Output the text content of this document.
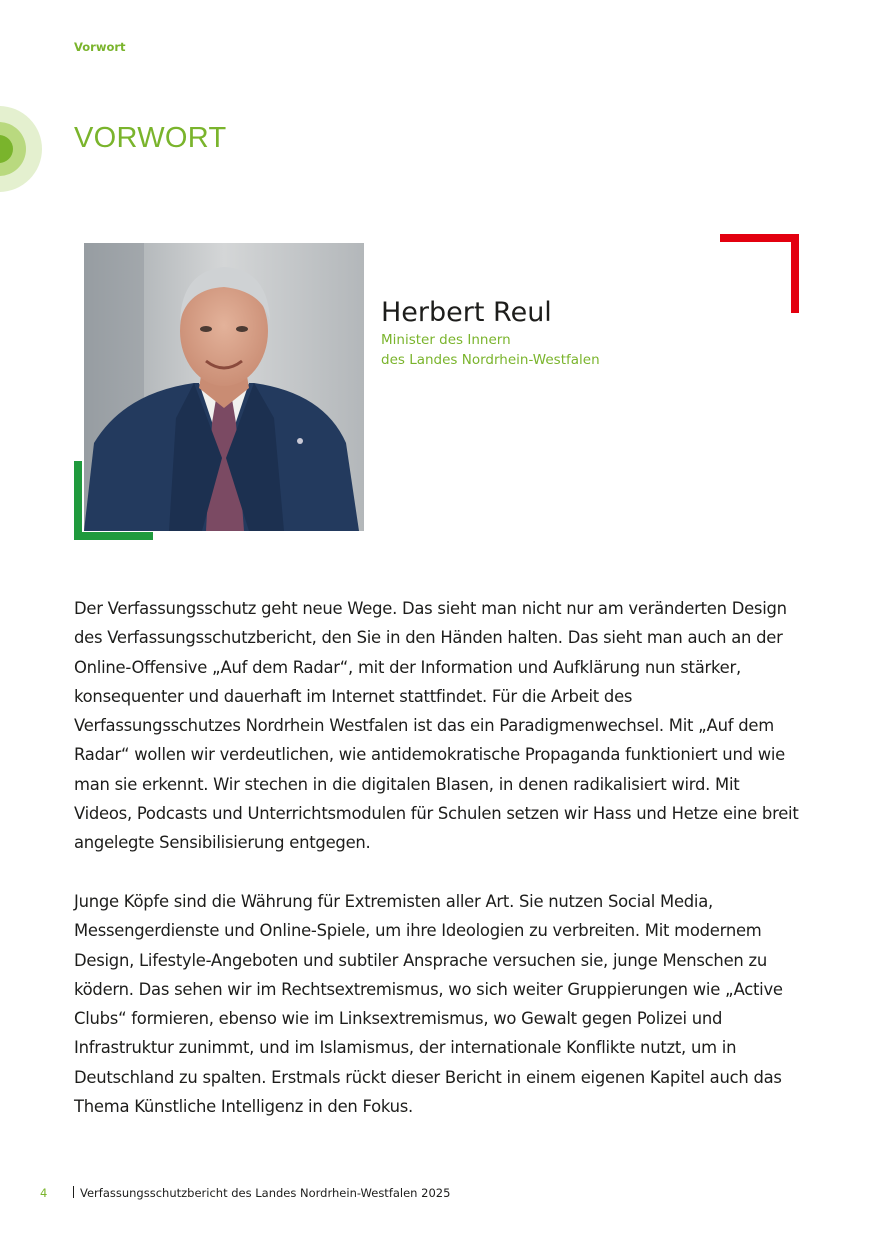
Vorwort
VORWORT
Herbert Reul
Minister des Innern
des Landes Nordrhein-Westfalen

Der Verfassungsschutz geht neue Wege. Das sieht man nicht nur am veränderten Design des Verfassungsschutzbericht, den Sie in den Händen halten. Das sieht man auch an der Online-Offensive „Auf dem Radar“, mit der Information und Aufklärung nun stärker, konsequenter und dauerhaft im Internet stattfindet. Für die Arbeit des Verfassungsschutzes Nordrhein Westfalen ist das ein Paradigmenwechsel. Mit „Auf dem Radar“ wollen wir verdeutlichen, wie antidemokratische Propaganda funktioniert und wie man sie erkennt. Wir stechen in die digitalen Blasen, in denen radikalisiert wird. Mit Videos, Podcasts und Unterrichtsmodulen für Schulen setzen wir Hass und Hetze eine breit angelegte Sensibilisierung entgegen.

Junge Köpfe sind die Währung für Extremisten aller Art. Sie nutzen Social Media, Messengerdienste und Online-Spiele, um ihre Ideologien zu verbreiten. Mit modernem Design, Lifestyle-Angeboten und subtiler Ansprache versuchen sie, junge Menschen zu ködern. Das sehen wir im Rechtsextremismus, wo sich weiter Gruppierungen wie „Active Clubs“ formieren, ebenso wie im Linksextremismus, wo Gewalt gegen Polizei und Infrastruktur zunimmt, und im Islamismus, der internationale Konflikte nutzt, um in Deutschland zu spalten. Erstmals rückt dieser Bericht in einem eigenen Kapitel auch das Thema Künstliche Intelligenz in den Fokus.

4	Verfassungsschutzbericht des Landes Nordrhein-Westfalen 2025
